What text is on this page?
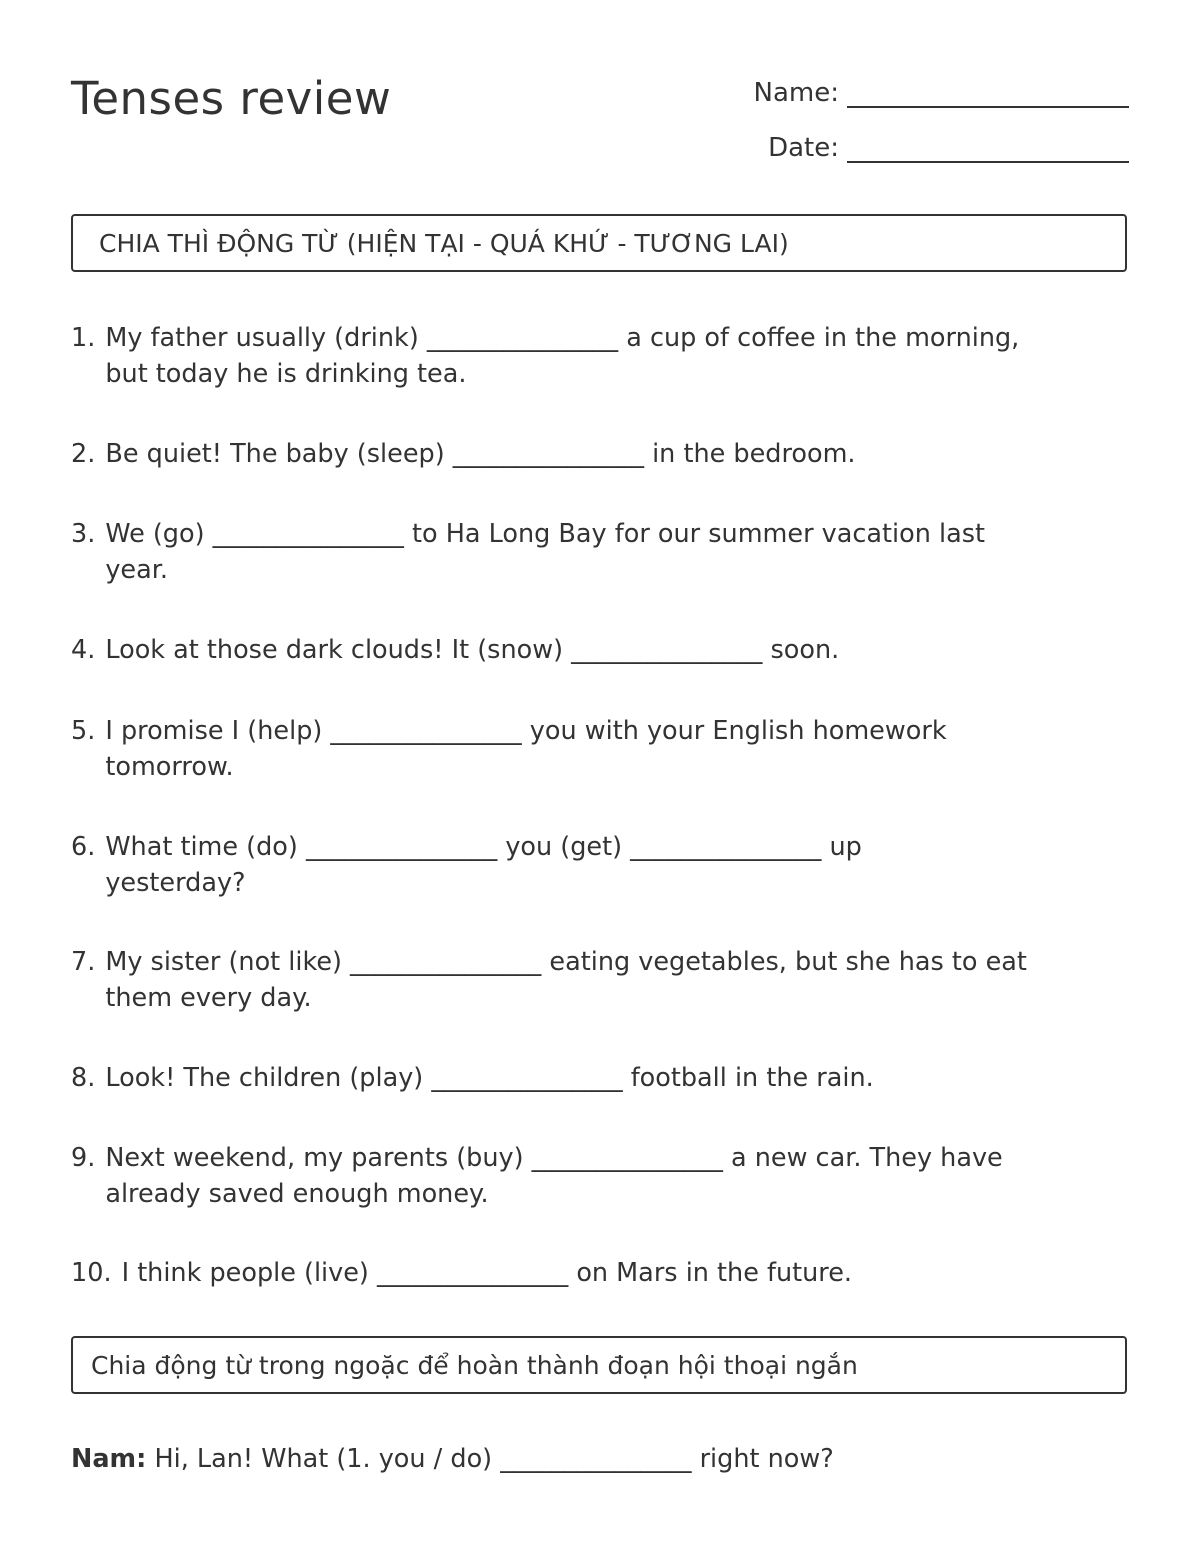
Tenses review	Name:
Date:
CHIA THÌ ĐỘNG TỪ (HIỆN TẠI - QUÁ KHỨ - TƯƠNG LAI)
1. My father usually (drink) _______________ a cup of coffee in the morning,
but today he is drinking tea.
2. Be quiet! The baby (sleep) _______________ in the bedroom.
3. We (go) _______________ to Ha Long Bay for our summer vacation last
year.
4. Look at those dark clouds! It (snow) _______________ soon.
5. I promise I (help) _______________ you with your English homework
tomorrow.
6. What time (do) _______________ you (get) _______________ up
yesterday?
7. My sister (not like) _______________ eating vegetables, but she has to eat
them every day.
8. Look! The children (play) _______________ football in the rain.
9. Next weekend, my parents (buy) _______________ a new car. They have
already saved enough money.
10. I think people (live) _______________ on Mars in the future.
Chia động từ trong ngoặc để hoàn thành đoạn hội thoại ngắn
Nam: Hi, Lan! What (1. you / do) _______________ right now?
